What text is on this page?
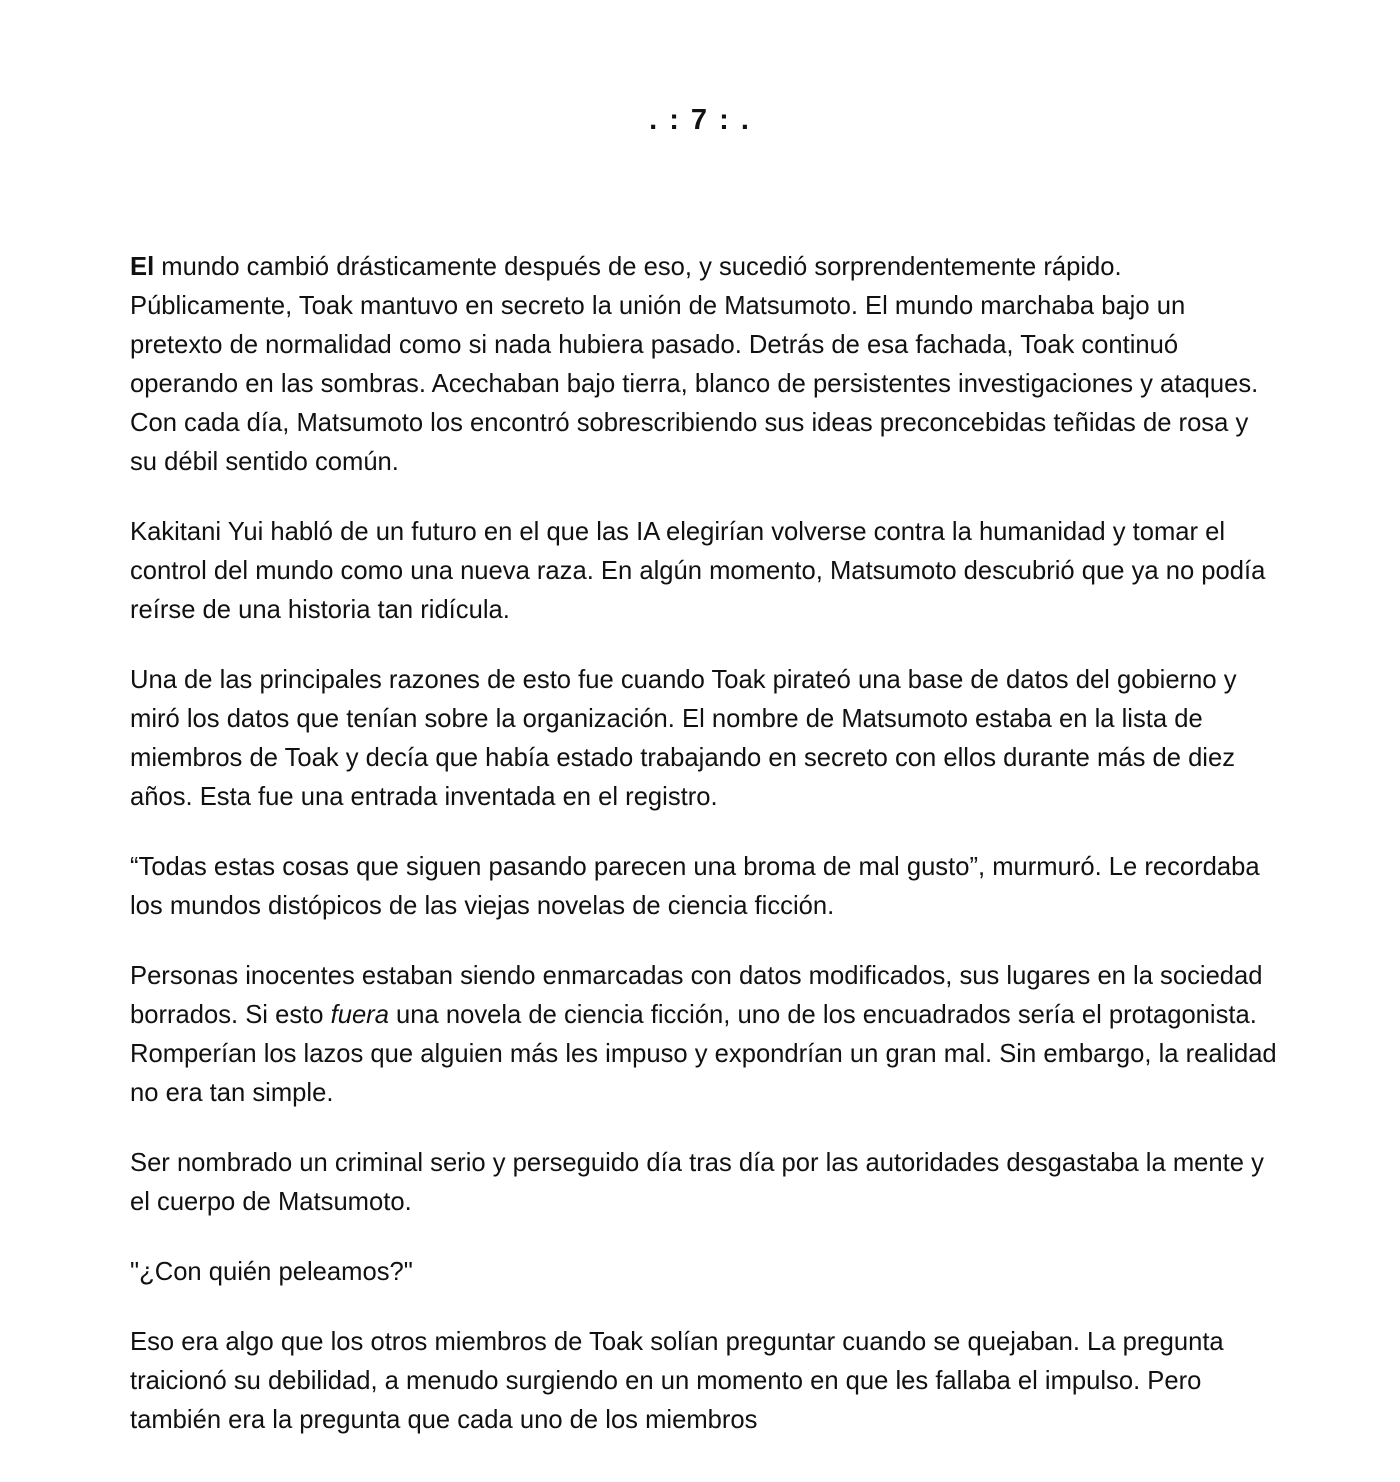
. : 7 : .

El mundo cambió drásticamente después de eso, y sucedió sorprendentemente rápido. Públicamente, Toak mantuvo en secreto la unión de Matsumoto. El mundo marchaba bajo un pretexto de normalidad como si nada hubiera pasado. Detrás de esa fachada, Toak continuó operando en las sombras. Acechaban bajo tierra, blanco de persistentes investigaciones y ataques. Con cada día, Matsumoto los encontró sobrescribiendo sus ideas preconcebidas teñidas de rosa y su débil sentido común.

Kakitani Yui habló de un futuro en el que las IA elegirían volverse contra la humanidad y tomar el control del mundo como una nueva raza. En algún momento, Matsumoto descubrió que ya no podía reírse de una historia tan ridícula.

Una de las principales razones de esto fue cuando Toak pirateó una base de datos del gobierno y miró los datos que tenían sobre la organización. El nombre de Matsumoto estaba en la lista de miembros de Toak y decía que había estado trabajando en secreto con ellos durante más de diez años. Esta fue una entrada inventada en el registro.

“Todas estas cosas que siguen pasando parecen una broma de mal gusto”, murmuró. Le recordaba los mundos distópicos de las viejas novelas de ciencia ficción.

Personas inocentes estaban siendo enmarcadas con datos modificados, sus lugares en la sociedad borrados. Si esto fuera una novela de ciencia ficción, uno de los encuadrados sería el protagonista. Romperían los lazos que alguien más les impuso y expondrían un gran mal. Sin embargo, la realidad no era tan simple.

Ser nombrado un criminal serio y perseguido día tras día por las autoridades desgastaba la mente y el cuerpo de Matsumoto.

"¿Con quién peleamos?"

Eso era algo que los otros miembros de Toak solían preguntar cuando se quejaban. La pregunta traicionó su debilidad, a menudo surgiendo en un momento en que les fallaba el impulso. Pero también era la pregunta que cada uno de los miembros
